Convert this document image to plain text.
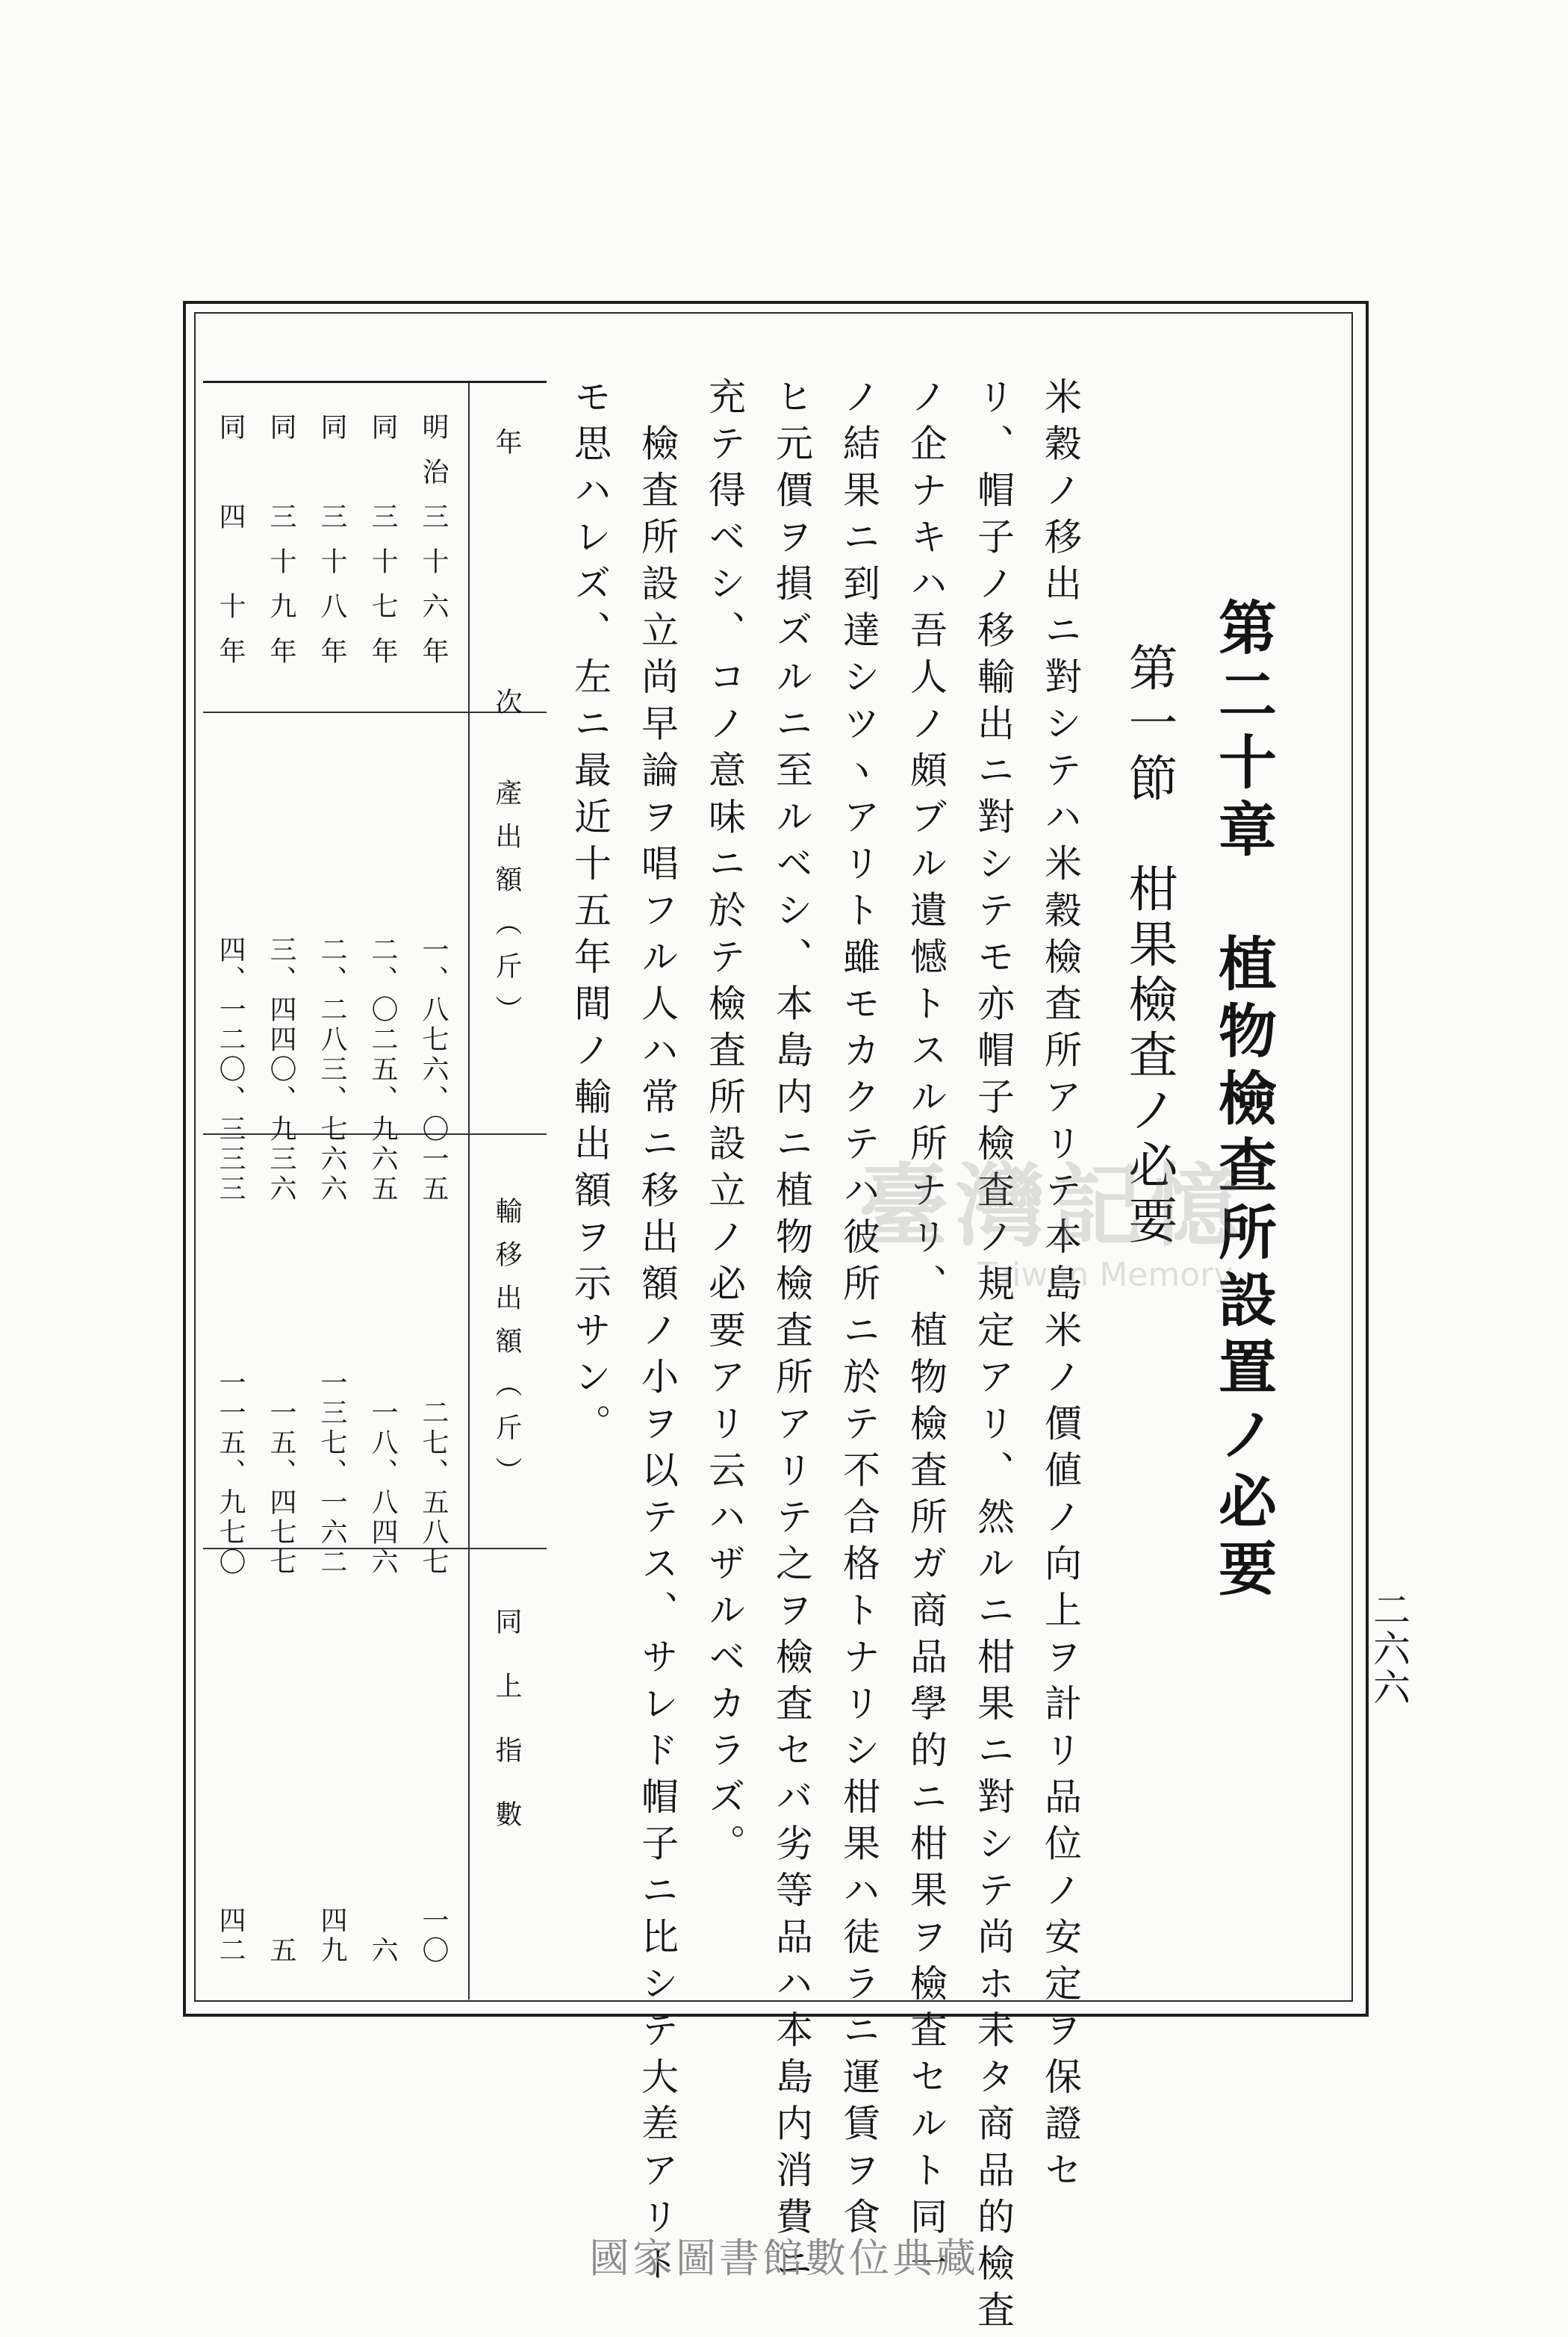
第二十章　植物檢查所設置ノ必要
第一節　柑果檢査ノ必要
米穀ノ移出ニ對シテハ米穀檢査所アリテ本島米ノ價値ノ向上ヲ計リ品位ノ安定ヲ保證セ
リ、帽子ノ移輸出ニ對シテモ亦帽子檢査ノ規定アリ、然ルニ柑果ニ對シテ尚ホ未タ商品的檢査
ノ企ナキハ吾人ノ頗ブル遺憾トスル所ナリ、植物檢査所ガ商品學的ニ柑果ヲ檢査セルト同一
ノ結果ニ到達シツヽアリト雖モカクテハ彼所ニ於テ不合格トナリシ柑果ハ徒ラニ運賃ヲ食
ヒ元價ヲ損ズルニ至ルベシ、本島内ニ植物檢査所アリテ之ヲ檢査セバ劣等品ハ本島内消費ニ
充テ得ベシ、コノ意味ニ於テ檢査所設立ノ必要アリ云ハザルベカラズ。
　檢査所設立尚早論ヲ唱フル人ハ常ニ移出額ノ小ヲ以テス、サレド帽子ニ比シテ大差アリト
モ思ハレズ、左ニ最近十五年間ノ輸出額ヲ示サン。
年　　次
產出額（斤）
輸移出額（斤）
同上指數
明治三十六年
一、八七六、〇一五
二七、五八七
一〇
同　三十七年
二、〇二五、九六五
一八、八四六
六
同　三十八年
二、二八三、七六六
一三七、一六二
四九
同　三十九年
三、四四〇、九三六
一五、四七七
五
同　四　十年
四、一二〇、三三三
一一五、九七〇
四二
二六六
臺灣記憶
Taiwan Memory
國家圖書館數位典藏
